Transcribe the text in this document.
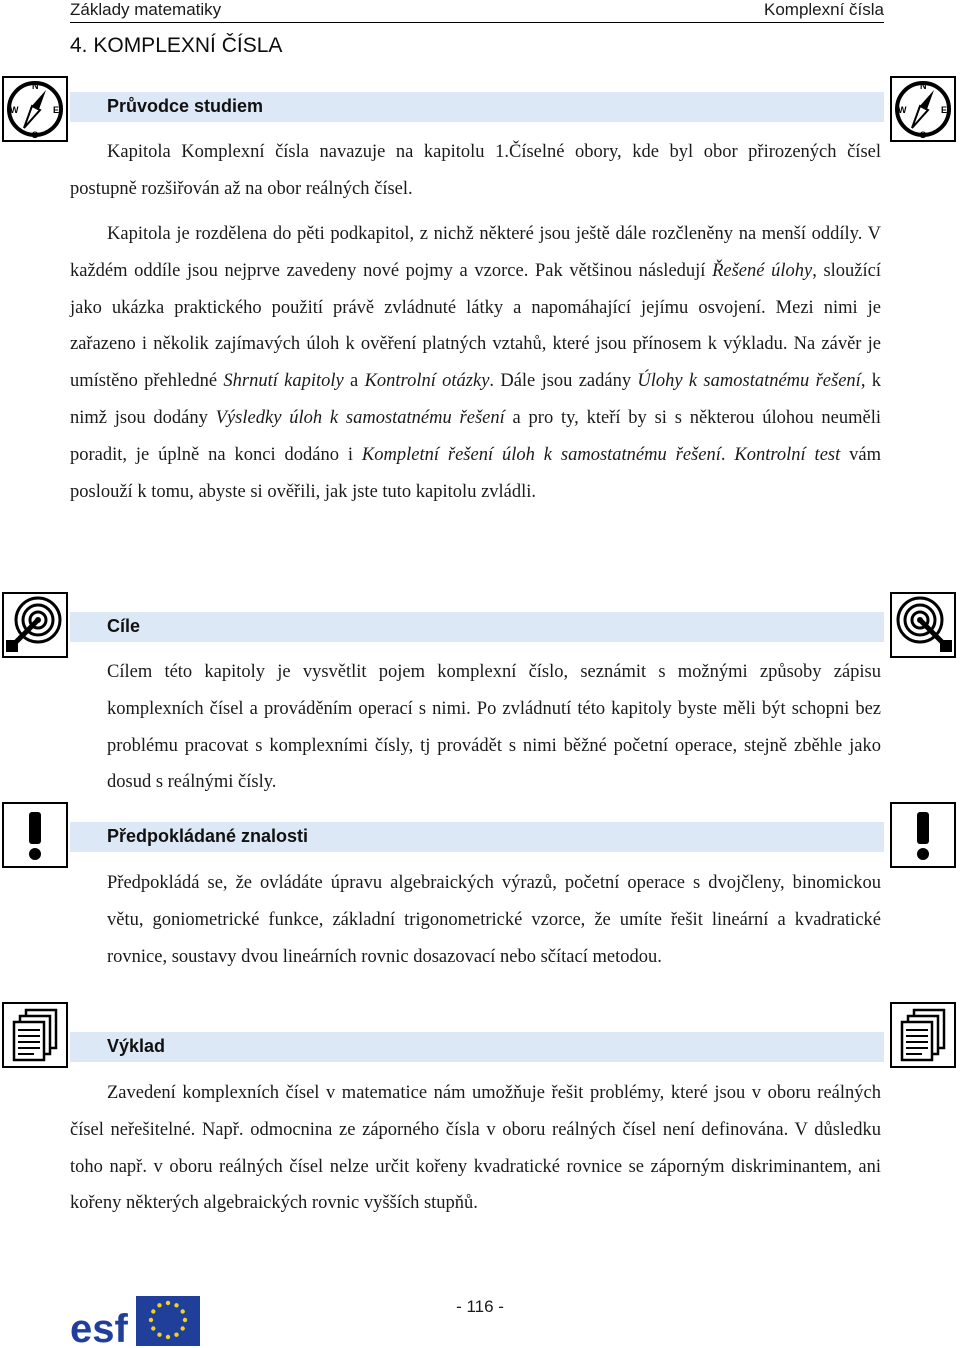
Základy matematiky	Komplexní čísla
4. KOMPLEXNÍ ČÍSLA
N
W	E
S
N
W	E
S
Průvodce studiem

Kapitola Komplexní čísla navazuje na kapitolu 1.Číselné obory, kde byl obor přirozených čísel postupně rozšiřován až na obor reálných čísel.

Kapitola je rozdělena do pěti podkapitol, z nichž některé jsou ještě dále rozčleněny na menší oddíly. V každém oddíle jsou nejprve zavedeny nové pojmy a vzorce. Pak většinou následují Řešené úlohy, sloužící jako ukázka praktického použití právě zvládnuté látky a napomáhající jejímu osvojení. Mezi nimi je zařazeno i několik zajímavých úloh k ověření platných vztahů, které jsou přínosem k výkladu. Na závěr je umístěno přehledné Shrnutí kapitoly a Kontrolní otázky. Dále jsou zadány Úlohy k samostatnému řešení, k nimž jsou dodány Výsledky úloh k samostatnému řešení a pro ty, kteří by si s některou úlohou neuměli poradit, je úplně na konci dodáno i Kompletní řešení úloh k samostatnému řešení. Kontrolní test vám poslouží k tomu, abyste si ověřili, jak jste tuto kapitolu zvládli.

Cíle

Cílem této kapitoly je vysvětlit pojem komplexní číslo, seznámit s možnými způsoby zápisu komplexních čísel a prováděním operací s nimi. Po zvládnutí této kapitoly byste měli být schopni bez problému pracovat s komplexními čísly, tj provádět s nimi běžné početní operace, stejně zběhle jako dosud s reálnými čísly.

Předpokládané znalosti

Předpokládá se, že ovládáte úpravu algebraických výrazů, početní operace s dvojčleny, binomickou větu, goniometrické funkce, základní trigonometrické vzorce, že umíte řešit lineární a kvadratické rovnice, soustavy dvou lineárních rovnic dosazovací nebo sčítací metodou.

Výklad

Zavedení komplexních čísel v matematice nám umožňuje řešit problémy, které jsou v oboru reálných čísel neřešitelné. Např. odmocnina ze záporného čísla v oboru reálných čísel není definována. V důsledku toho např. v oboru reálných čísel nelze určit kořeny kvadratické rovnice se záporným diskriminantem, ani kořeny některých algebraických rovnic vyšších stupňů.

esf
- 116 -
